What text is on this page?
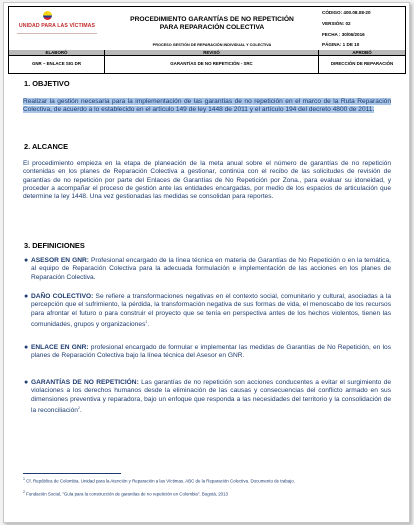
UNIDAD PARA LAS VÍCTIMAS
PROCEDIMIENTO GARANTÍAS DE NO REPETICIÓN PARA REPARACIÓN COLECTIVA
PROCESO GESTIÓN DE REPARACIÓN INDIVIDUAL Y COLECTIVA
CÓDIGO: 400.08.08-20
VERSIÓN: 02
FECHA : 30/06/2016
PÁGINA: 1 DE 10
ELABORÓ
GNR – ENLACE SIG DR
REVISÓ
GARANTÍAS DE NO REPETICIÓN - SRC
APROBÓ
DIRECCIÓN DE REPARACIÓN
1. OBJETIVO
Realizar la gestión necesaria para la implementación de las garantías de no repetición en el marco de la Ruta Reparación Colectiva, de acuerdo a lo establecido en el artículo 149 de ley 1448 de 2011 y el artículo 194 del decreto 4800 de 2011.
2. ALCANCE
El procedimiento empieza en la etapa de planeación de la meta anual sobre el número de garantías de no repetición contenidas en los planes de Reparación Colectiva a gestionar, continúa con el recibo de las solicitudes de revisión de garantías de no repetición por parte del Enlaces de Garantías de No Repetición por Zona., para evaluar su idoneidad, y proceder a acompañar el proceso de gestión ante las entidades encargadas, por medio de los espacios de articulación que determine la ley 1448. Una vez gestionadas las medidas se consolidan para reportes.
3. DEFINICIONES
● ASESOR EN GNR: Profesional encargado de la línea técnica en materia de Garantías de No Repetición o en la temática, al equipo de Reparación Colectiva para la adecuada formulación e implementación de las acciones en los planes de Reparación Colectiva.
● DAÑO COLECTIVO: Se refiere a transformaciones negativas en el contexto social, comunitario y cultural, asociadas a la percepción que el sufrimiento, la pérdida, la transformación negativa de sus formas de vida, el menoscabo de los recursos para afrontar el futuro o para construir el proyecto que se tenía en perspectiva antes de los hechos violentos, tienen las comunidades, grupos y organizaciones$^1$.
● ENLACE EN GNR: profesional encargado de formular e implementar las medidas de Garantías de No Repetición, en los planes de Reparación Colectiva bajo la línea técnica del Asesor en GNR.
● GARANTÍAS DE NO REPETICIÓN: Las garantías de no repetición son acciones conducentes a evitar el surgimiento de violaciones a los derechos humanos desde la eliminación de las causas y consecuencias del conflicto armado en sus dimensiones preventiva y reparadora, bajo un enfoque que responda a las necesidades del territorio y la consolidación de la reconciliación$^2$.
$^1$ Cf. República de Colombia. Unidad para la Atención y Reparación a las Víctimas. ABC de la Reparación Colectiva. Documento de trabajo.
$^2$ Fundación Social, "Guía para la construcción de garantías de no repetición en Colombia". Bogotá, 2013
